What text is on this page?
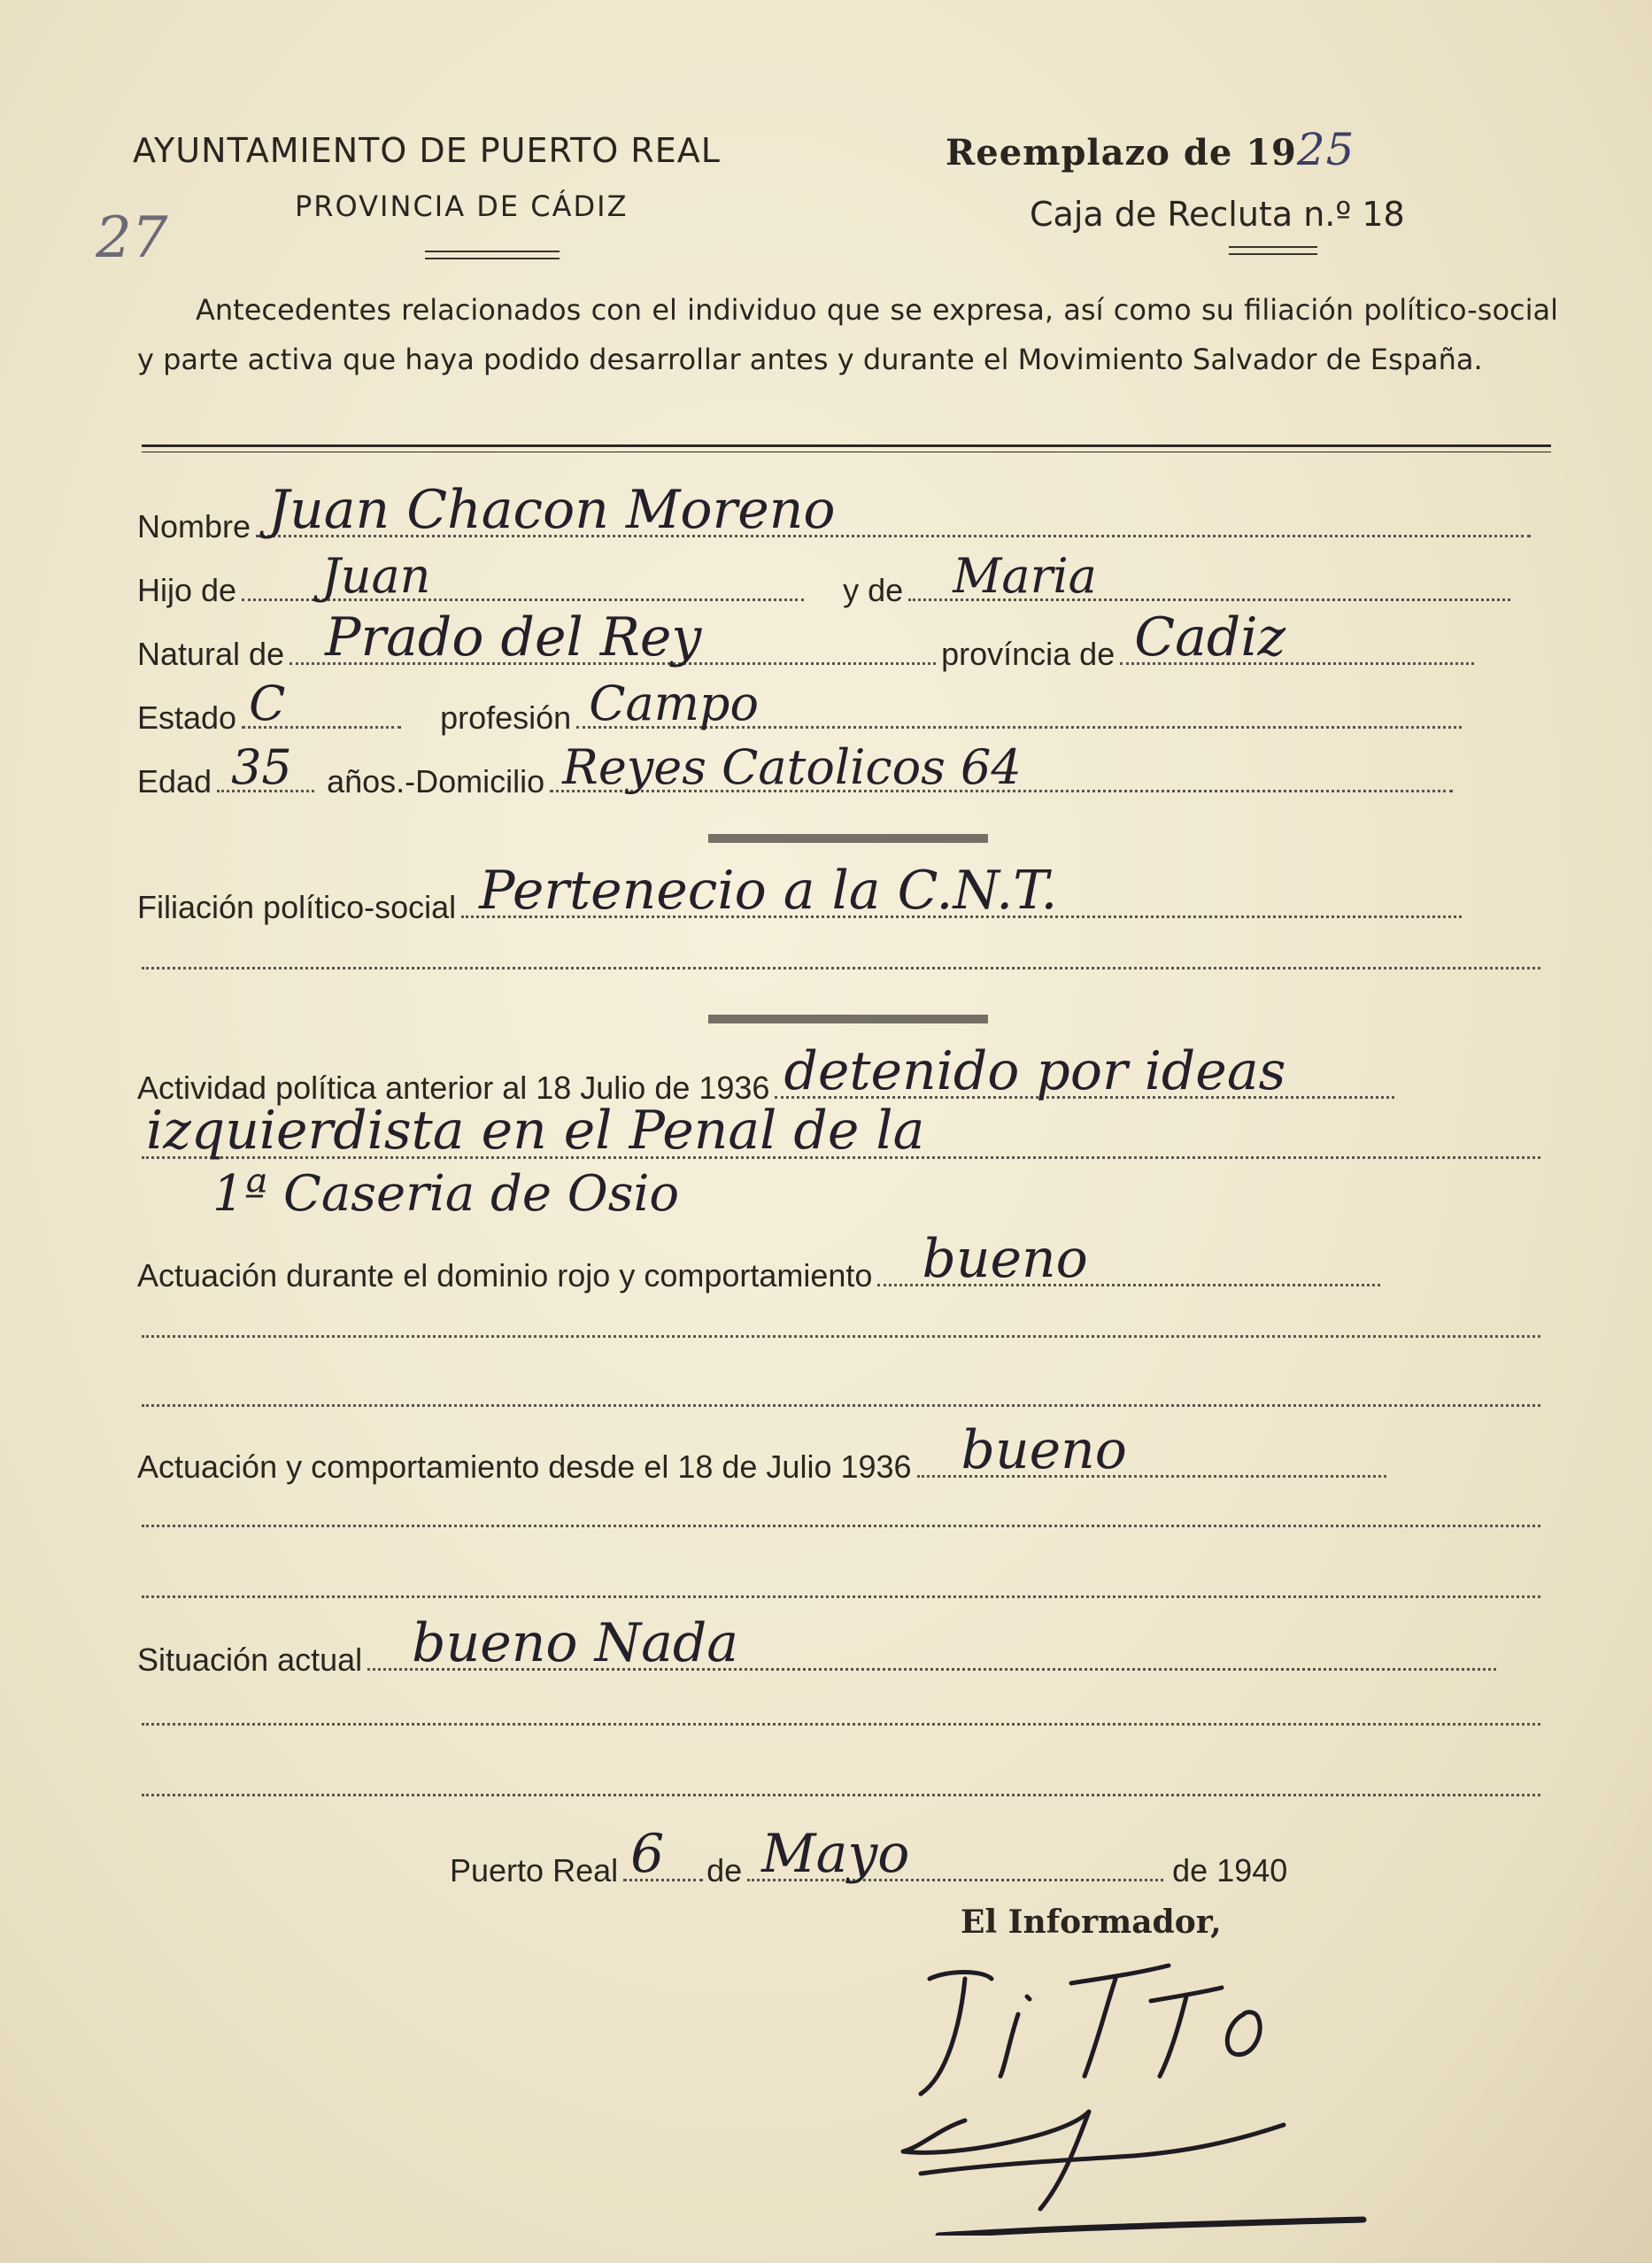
27
AYUNTAMIENTO DE PUERTO REAL
PROVINCIA DE CÁDIZ
Reemplazo de 1925
Caja de Recluta n.º 18
Antecedentes relacionados con el individuo que se expresa, así como su filiación político-social y parte activa que haya podido desarrollar antes y durante el Movimiento Salvador de España.
Nombre Juan Chacon Moreno
Hijo de Juan	y de Maria
Natural de Prado del Rey	província de Cadiz
Estado C	profesión Campo
Edad 35 años.-Domicilio Reyes Catolicos 64
Filiación político-social Pertenecio a la C.N.T.
Actividad política anterior al 18 Julio de 1936 detenido por ideas
izquierdista en el Penal de la
1ª Caseria de Osio
Actuación durante el dominio rojo y comportamiento bueno
Actuación y comportamiento desde el 18 de Julio 1936 bueno
Situación actual bueno Nada
Puerto Real 6 de Mayo	de 1940
El Informador,
